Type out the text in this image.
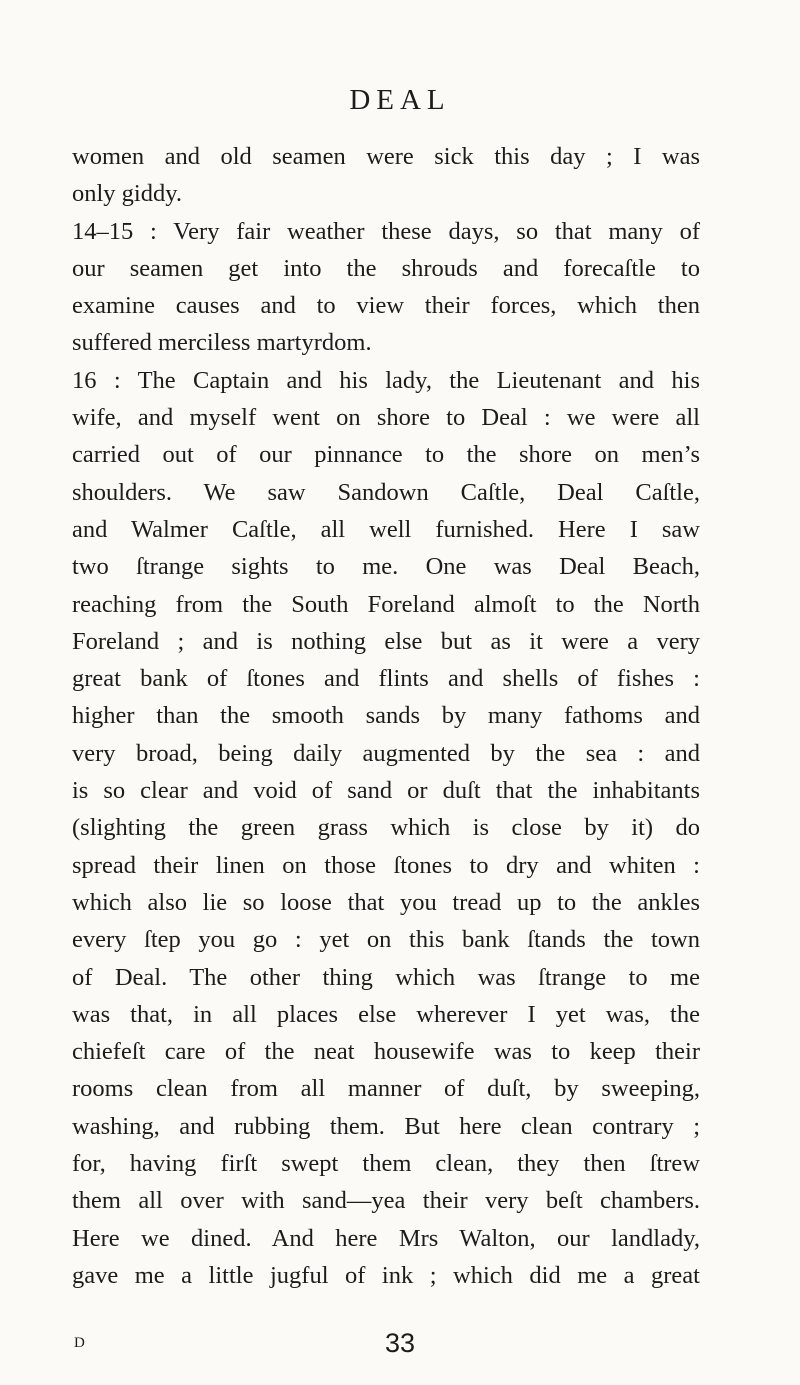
DEAL
women and old seamen were sick this day ; I was
only giddy.
14–15 : Very fair weather these days, so that many of
our seamen get into the shrouds and forecaſtle to
examine causes and to view their forces, which then
suffered merciless martyrdom.
16 : The Captain and his lady, the Lieutenant and his
wife, and myself went on shore to Deal : we were all
carried out of our pinnance to the shore on men’s
shoulders. We saw Sandown Caſtle, Deal Caſtle,
and Walmer Caſtle, all well furnished. Here I saw
two ſtrange sights to me. One was Deal Beach,
reaching from the South Foreland almoſt to the North
Foreland ; and is nothing else but as it were a very
great bank of ſtones and flints and shells of fishes :
higher than the smooth sands by many fathoms and
very broad, being daily augmented by the sea : and
is so clear and void of sand or duſt that the inhabitants
(slighting the green grass which is close by it) do
spread their linen on those ſtones to dry and whiten :
which also lie so loose that you tread up to the ankles
every ſtep you go : yet on this bank ſtands the town
of Deal. The other thing which was ſtrange to me
was that, in all places else wherever I yet was, the
chiefeſt care of the neat housewife was to keep their
rooms clean from all manner of duſt, by sweeping,
washing, and rubbing them. But here clean contrary ;
for, having firſt swept them clean, they then ſtrew
them all over with sand—yea their very beſt chambers.
Here we dined. And here Mrs Walton, our landlady,
gave me a little jugful of ink ; which did me a great
D	33
